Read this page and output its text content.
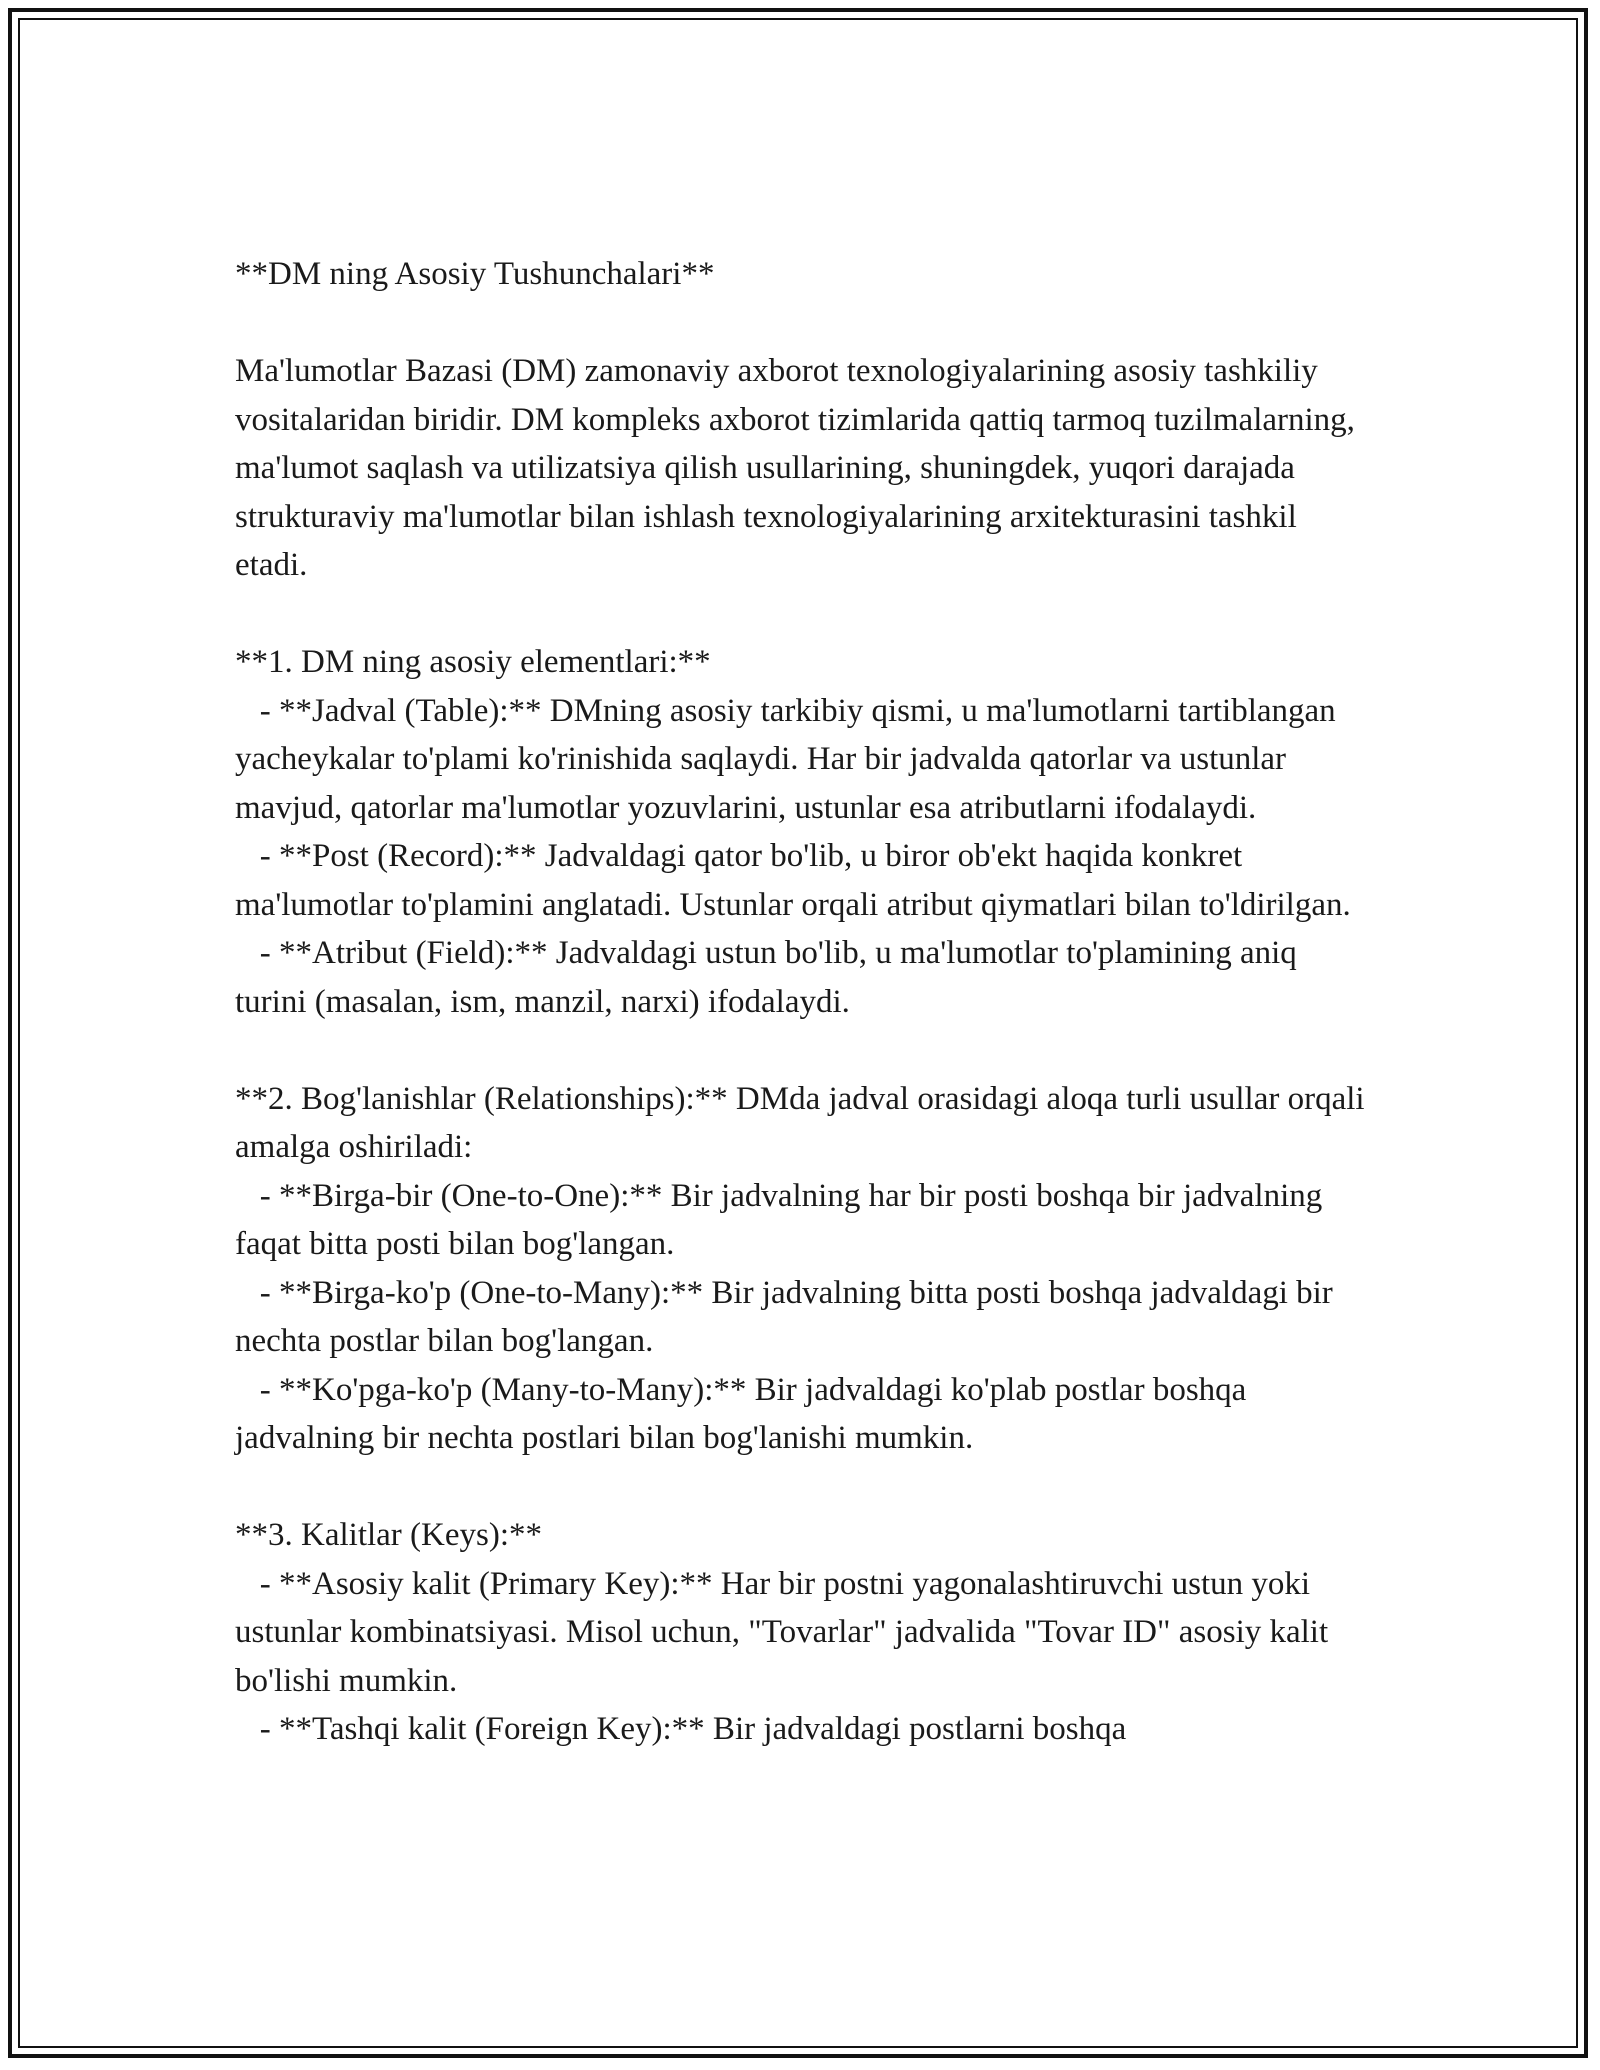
**DM ning Asosiy Tushunchalari**

Ma'lumotlar Bazasi (DM) zamonaviy axborot texnologiyalarining asosiy tashkiliy vositalaridan biridir. DM kompleks axborot tizimlarida qattiq tarmoq tuzilmalarning, ma'lumot saqlash va utilizatsiya qilish usullarining, shuningdek, yuqori darajada strukturaviy ma'lumotlar bilan ishlash texnologiyalarining arxitekturasini tashkil etadi.

**1. DM ning asosiy elementlari:**

- **Jadval (Table):** DMning asosiy tarkibiy qismi, u ma'lumotlarni tartiblangan yacheykalar to'plami ko'rinishida saqlaydi. Har bir jadvalda qatorlar va ustunlar mavjud, qatorlar ma'lumotlar yozuvlarini, ustunlar esa atributlarni ifodalaydi.

- **Post (Record):** Jadvaldagi qator bo'lib, u biror ob'ekt haqida konkret ma'lumotlar to'plamini anglatadi. Ustunlar orqali atribut qiymatlari bilan to'ldirilgan.

- **Atribut (Field):** Jadvaldagi ustun bo'lib, u ma'lumotlar to'plamining aniq turini (masalan, ism, manzil, narxi) ifodalaydi.

**2. Bog'lanishlar (Relationships):** DMda jadval orasidagi aloqa turli usullar orqali amalga oshiriladi:

- **Birga-bir (One-to-One):** Bir jadvalning har bir posti boshqa bir jadvalning faqat bitta posti bilan bog'langan.

- **Birga-ko'p (One-to-Many):** Bir jadvalning bitta posti boshqa jadvaldagi bir nechta postlar bilan bog'langan.

- **Ko'pga-ko'p (Many-to-Many):** Bir jadvaldagi ko'plab postlar boshqa jadvalning bir nechta postlari bilan bog'lanishi mumkin.

**3. Kalitlar (Keys):**

- **Asosiy kalit (Primary Key):** Har bir postni yagonalashtiruvchi ustun yoki ustunlar kombinatsiyasi. Misol uchun, "Tovarlar" jadvalida "Tovar ID" asosiy kalit bo'lishi mumkin.

- **Tashqi kalit (Foreign Key):** Bir jadvaldagi postlarni boshqa
